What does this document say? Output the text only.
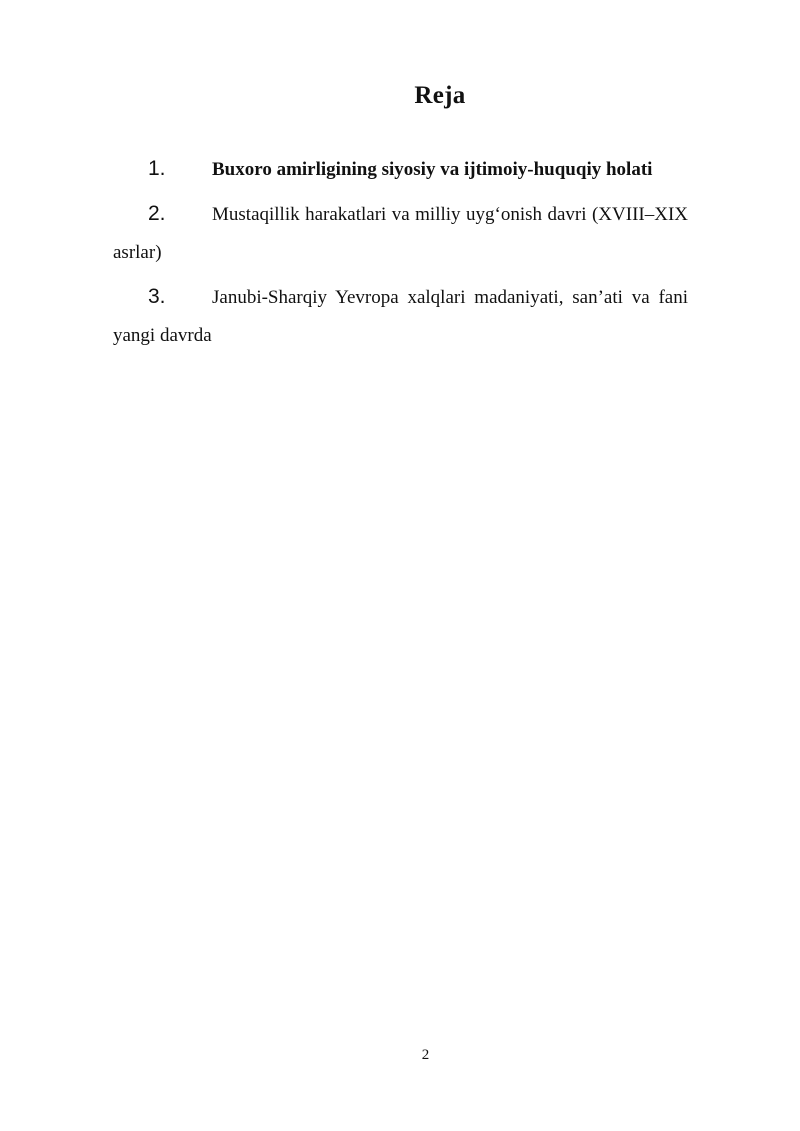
Reja
1. Buxoro amirligining siyosiy va ijtimoiy-huquqiy holati
2. Mustaqillik harakatlari va milliy uyg‘onish davri (XVIII–XIX asrlar)
3. Janubi-Sharqiy Yevropa xalqlari madaniyati, san’ati va fani yangi davrda
2
